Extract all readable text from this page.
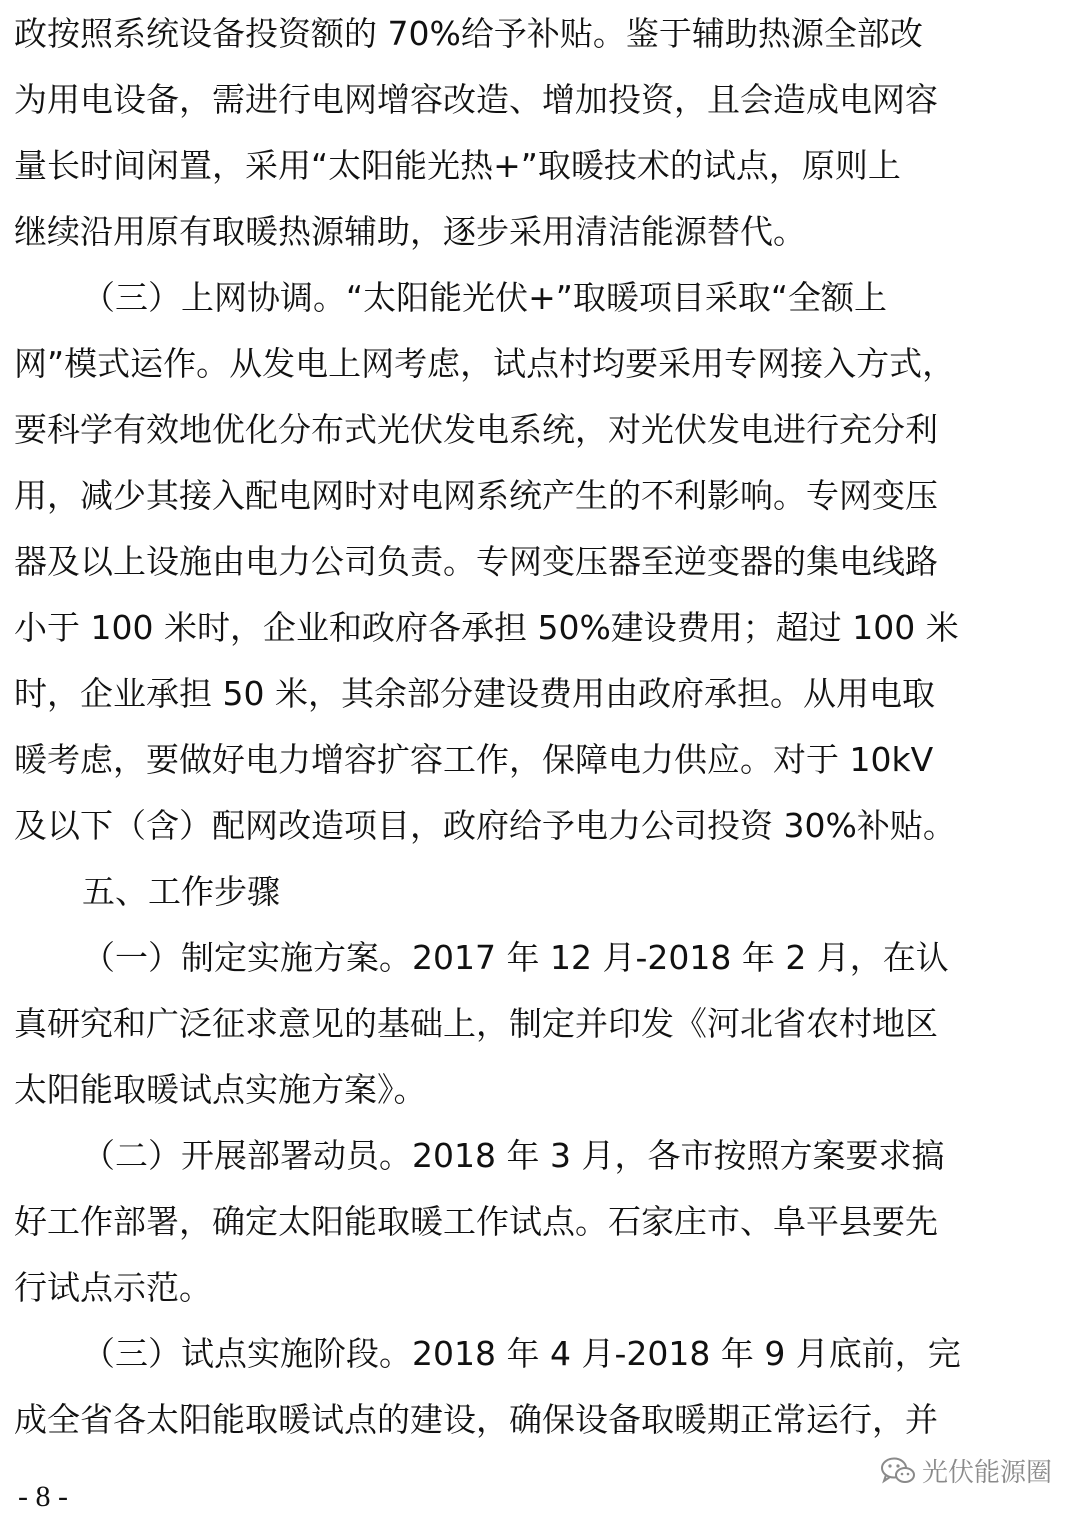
政按照系统设备投资额的 70%给予补贴。鉴于辅助热源全部改
为用电设备，需进行电网增容改造、增加投资，且会造成电网容
量长时间闲置，采用“太阳能光热+”取暖技术的试点，原则上
继续沿用原有取暖热源辅助，逐步采用清洁能源替代。
（三）上网协调。“太阳能光伏+”取暖项目采取“全额上
网”模式运作。从发电上网考虑，试点村均要采用专网接入方式，
要科学有效地优化分布式光伏发电系统，对光伏发电进行充分利
用，减少其接入配电网时对电网系统产生的不利影响。专网变压
器及以上设施由电力公司负责。专网变压器至逆变器的集电线路
小于 100 米时，企业和政府各承担 50%建设费用；超过 100 米
时，企业承担 50 米，其余部分建设费用由政府承担。从用电取
暖考虑，要做好电力增容扩容工作，保障电力供应。对于 10kV
及以下（含）配网改造项目，政府给予电力公司投资 30%补贴。
五、工作步骤
（一）制定实施方案。2017 年 12 月-2018 年 2 月，在认
真研究和广泛征求意见的基础上，制定并印发《河北省农村地区
太阳能取暖试点实施方案》。
（二）开展部署动员。2018 年 3 月，各市按照方案要求搞
好工作部署，确定太阳能取暖工作试点。石家庄市、阜平县要先
行试点示范。
（三）试点实施阶段。2018 年 4 月-2018 年 9 月底前，完
成全省各太阳能取暖试点的建设，确保设备取暖期正常运行，并
光伏能源圈
- 8 -
